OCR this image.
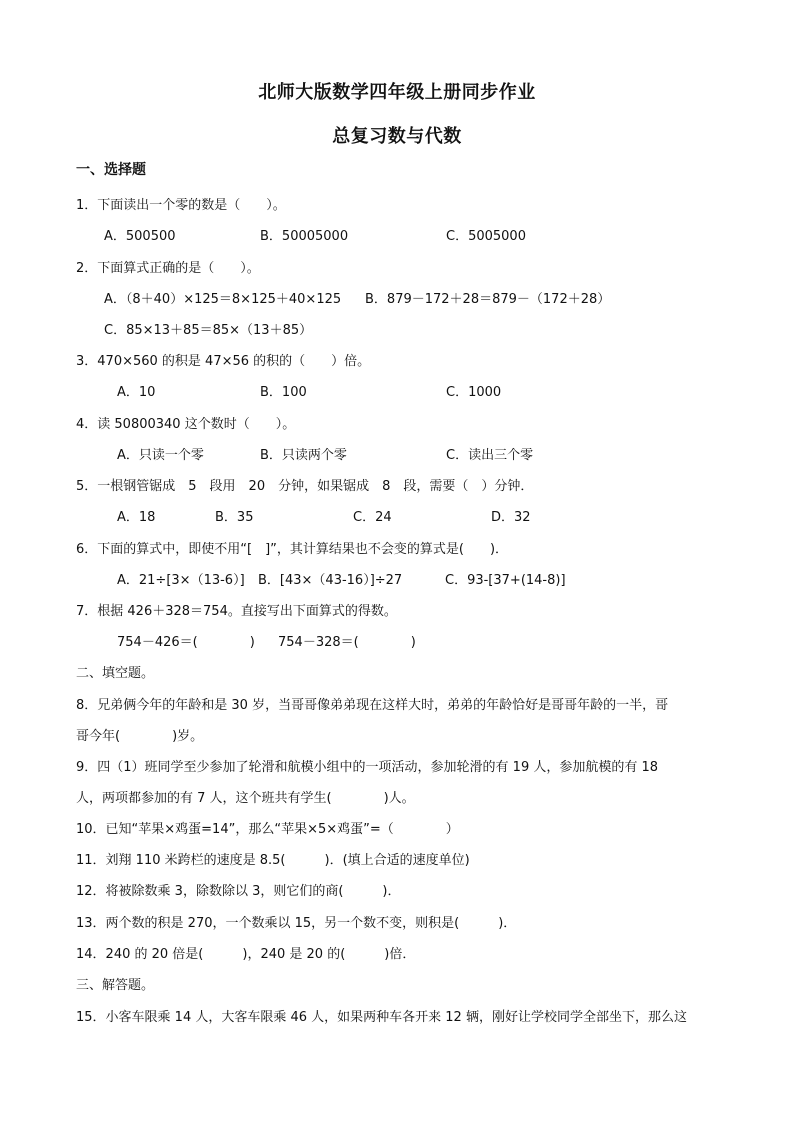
北师大版数学四年级上册同步作业
总复习数与代数
一、选择题
1．下面读出一个零的数是（　　）。
A．500500	B．50005000	C．5005000
2．下面算式正确的是（　　）。
A．（8＋40）×125＝8×125＋40×125 B．879－172＋28＝879－（172＋28）
C．85×13＋85＝85×（13＋85）
3．470×560 的积是 47×56 的积的（　　）倍。
A．10	B．100	C．1000
4．读 50800340 这个数时（　　）。
A．只读一个零	B．只读两个零	C．读出三个零
5．一根钢管锯成　5　段用　20　分钟，如果锯成　8　段，需要（　）分钟．
A．18	B．35	C．24	D．32
6．下面的算式中，即使不用“[　]”，其计算结果也不会变的算式是(　　)．
A．21÷[3×（13-6）] B．[43×（43-16）]÷27	C．93-[37+(14-8)]
7．根据 426＋328＝754。直接写出下面算式的得数。
754－426＝(　　　　) 754－328＝(　　　　)
二、填空题。
8．兄弟俩今年的年龄和是 30 岁，当哥哥像弟弟现在这样大时，弟弟的年龄恰好是哥哥年龄的一半，哥
哥今年(　　　　)岁。
9．四（1）班同学至少参加了轮滑和航模小组中的一项活动，参加轮滑的有 19 人，参加航模的有 18
人，两项都参加的有 7 人，这个班共有学生(　　　　)人。
10．已知“苹果×鸡蛋=14”，那么“苹果×5×鸡蛋”=（　　　　）
11．刘翔 110 米跨栏的速度是 8.5(　　　)．(填上合适的速度单位)
12．将被除数乘 3，除数除以 3，则它们的商(　　　)．
13．两个数的积是 270，一个数乘以 15，另一个数不变，则积是(　　　)．
14．240 的 20 倍是(　　　)，240 是 20 的(　　　)倍．
三、解答题。
15．小客车限乘 14 人，大客车限乘 46 人，如果两种车各开来 12 辆，刚好让学校同学全部坐下，那么这
